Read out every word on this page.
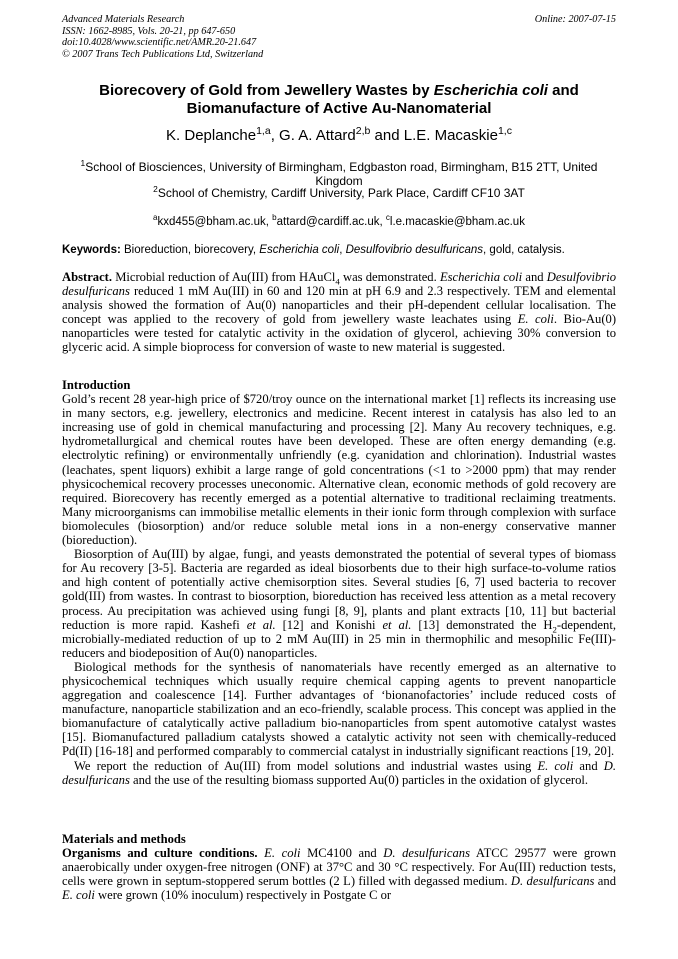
Advanced Materials Research
ISSN: 1662-8985, Vols. 20-21, pp 647-650
doi:10.4028/www.scientific.net/AMR.20-21.647
© 2007 Trans Tech Publications Ltd, Switzerland
Online: 2007-07-15
Biorecovery of Gold from Jewellery Wastes by Escherichia coli and Biomanufacture of Active Au-Nanomaterial
K. Deplanche$^{1,a}$, G. A. Attard$^{2,b}$ and L.E. Macaskie$^{1,c}$
$^1$School of Biosciences, University of Birmingham, Edgbaston road, Birmingham, B15 2TT, United Kingdom
$^2$School of Chemistry, Cardiff University, Park Place, Cardiff CF10 3AT
$^a$kxd455@bham.ac.uk, $^b$attard@cardiff.ac.uk, $^c$l.e.macaskie@bham.ac.uk
Keywords: Bioreduction, biorecovery, Escherichia coli, Desulfovibrio desulfuricans, gold, catalysis.

Abstract. Microbial reduction of Au(III) from HAuCl$_4$ was demonstrated. Escherichia coli and Desulfovibrio desulfuricans reduced 1 mM Au(III) in 60 and 120 min at pH 6.9 and 2.3 respectively. TEM and elemental analysis showed the formation of Au(0) nanoparticles and their pH-dependent cellular localisation. The concept was applied to the recovery of gold from jewellery waste leachates using E. coli. Bio-Au(0) nanoparticles were tested for catalytic activity in the oxidation of glycerol, achieving 30% conversion to glyceric acid. A simple bioprocess for conversion of waste to new material is suggested.

Introduction

Gold’s recent 28 year-high price of $720/troy ounce on the international market [1] reflects its increasing use in many sectors, e.g. jewellery, electronics and medicine. Recent interest in catalysis has also led to an increasing use of gold in chemical manufacturing and processing [2]. Many Au recovery techniques, e.g. hydrometallurgical and chemical routes have been developed. These are often energy demanding (e.g. electrolytic refining) or environmentally unfriendly (e.g. cyanidation and chlorination). Industrial wastes (leachates, spent liquors) exhibit a large range of gold concentrations (<1 to >2000 ppm) that may render physicochemical recovery processes uneconomic. Alternative clean, economic methods of gold recovery are required. Biorecovery has recently emerged as a potential alternative to traditional reclaiming treatments. Many microorganisms can immobilise metallic elements in their ionic form through complexion with surface biomolecules (biosorption) and/or reduce soluble metal ions in a non-energy conservative manner (bioreduction).

Biosorption of Au(III) by algae, fungi, and yeasts demonstrated the potential of several types of biomass for Au recovery [3-5]. Bacteria are regarded as ideal biosorbents due to their high surface-to-volume ratios and high content of potentially active chemisorption sites. Several studies [6, 7] used bacteria to recover gold(III) from wastes. In contrast to biosorption, bioreduction has received less attention as a metal recovery process. Au precipitation was achieved using fungi [8, 9], plants and plant extracts [10, 11] but bacterial reduction is more rapid. Kashefi et al. [12] and Konishi et al. [13] demonstrated the $H_2$-dependent, microbially-mediated reduction of up to 2 mM Au(III) in 25 min in thermophilic and mesophilic Fe(III)-reducers and biodeposition of Au(0) nanoparticles.

Biological methods for the synthesis of nanomaterials have recently emerged as an alternative to physicochemical techniques which usually require chemical capping agents to prevent nanoparticle aggregation and coalescence [14]. Further advantages of ‘bionanofactories’ include reduced costs of manufacture, nanoparticle stabilization and an eco-friendly, scalable process. This concept was applied in the biomanufacture of catalytically active palladium bio-nanoparticles from spent automotive catalyst wastes [15]. Biomanufactured palladium catalysts showed a catalytic activity not seen with chemically-reduced Pd(II) [16-18] and performed comparably to commercial catalyst in industrially significant reactions [19, 20].

We report the reduction of Au(III) from model solutions and industrial wastes using E. coli and D. desulfuricans and the use of the resulting biomass supported Au(0) particles in the oxidation of glycerol.

Materials and methods

Organisms and culture conditions. E. coli MC4100 and D. desulfuricans ATCC 29577 were grown anaerobically under oxygen-free nitrogen (ONF) at 37°C and 30 °C respectively. For Au(III) reduction tests, cells were grown in septum-stoppered serum bottles (2 L) filled with degassed medium. D. desulfuricans and E. coli were grown (10% inoculum) respectively in Postgate C or
